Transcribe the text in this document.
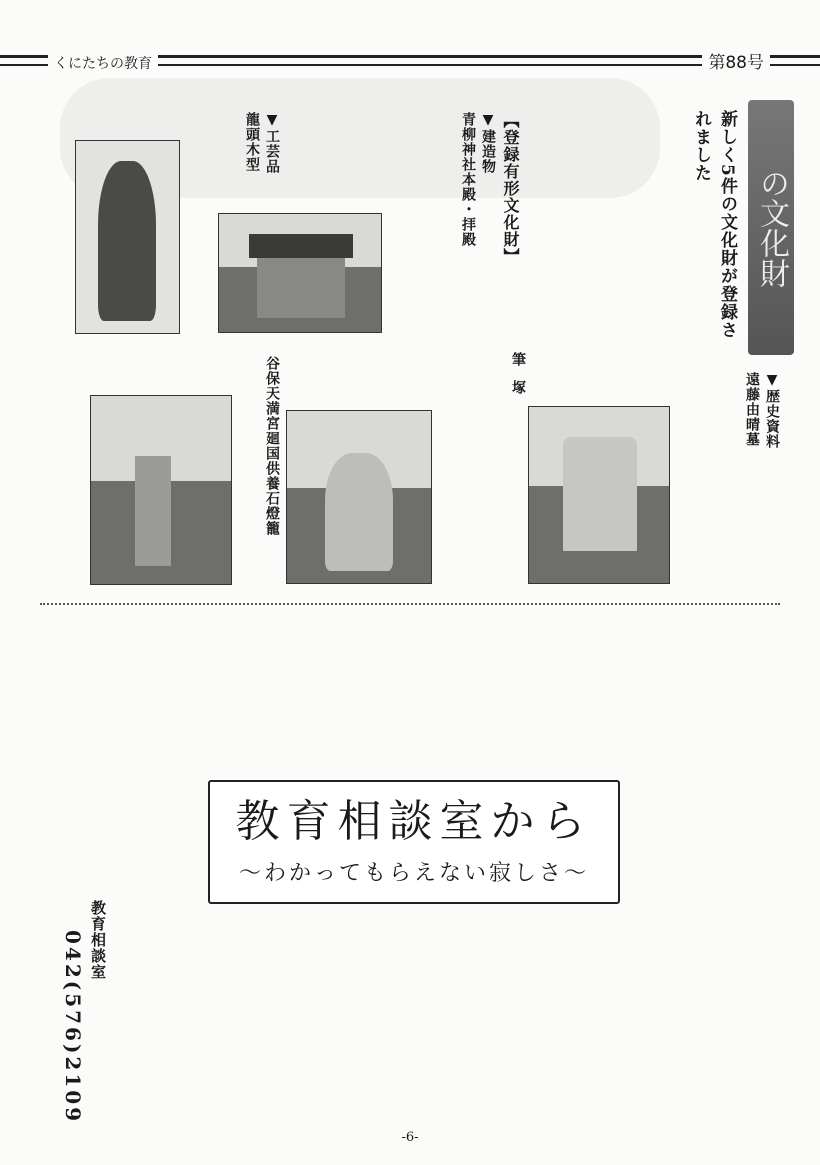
くにたちの教育	第88号
の文化財
新しく5件の文化財が登録されました
【登録有形文化財】
▼建造物
青柳神社本殿・拝殿
▼工芸品
龍頭木型
▼歴史資料
遠藤由晴墓
筆塚
谷保天満宮廻国供養石燈籠
教育相談室から
〜わかってもらえない寂しさ〜
教育相談室
042(576)2109
‐6‐
